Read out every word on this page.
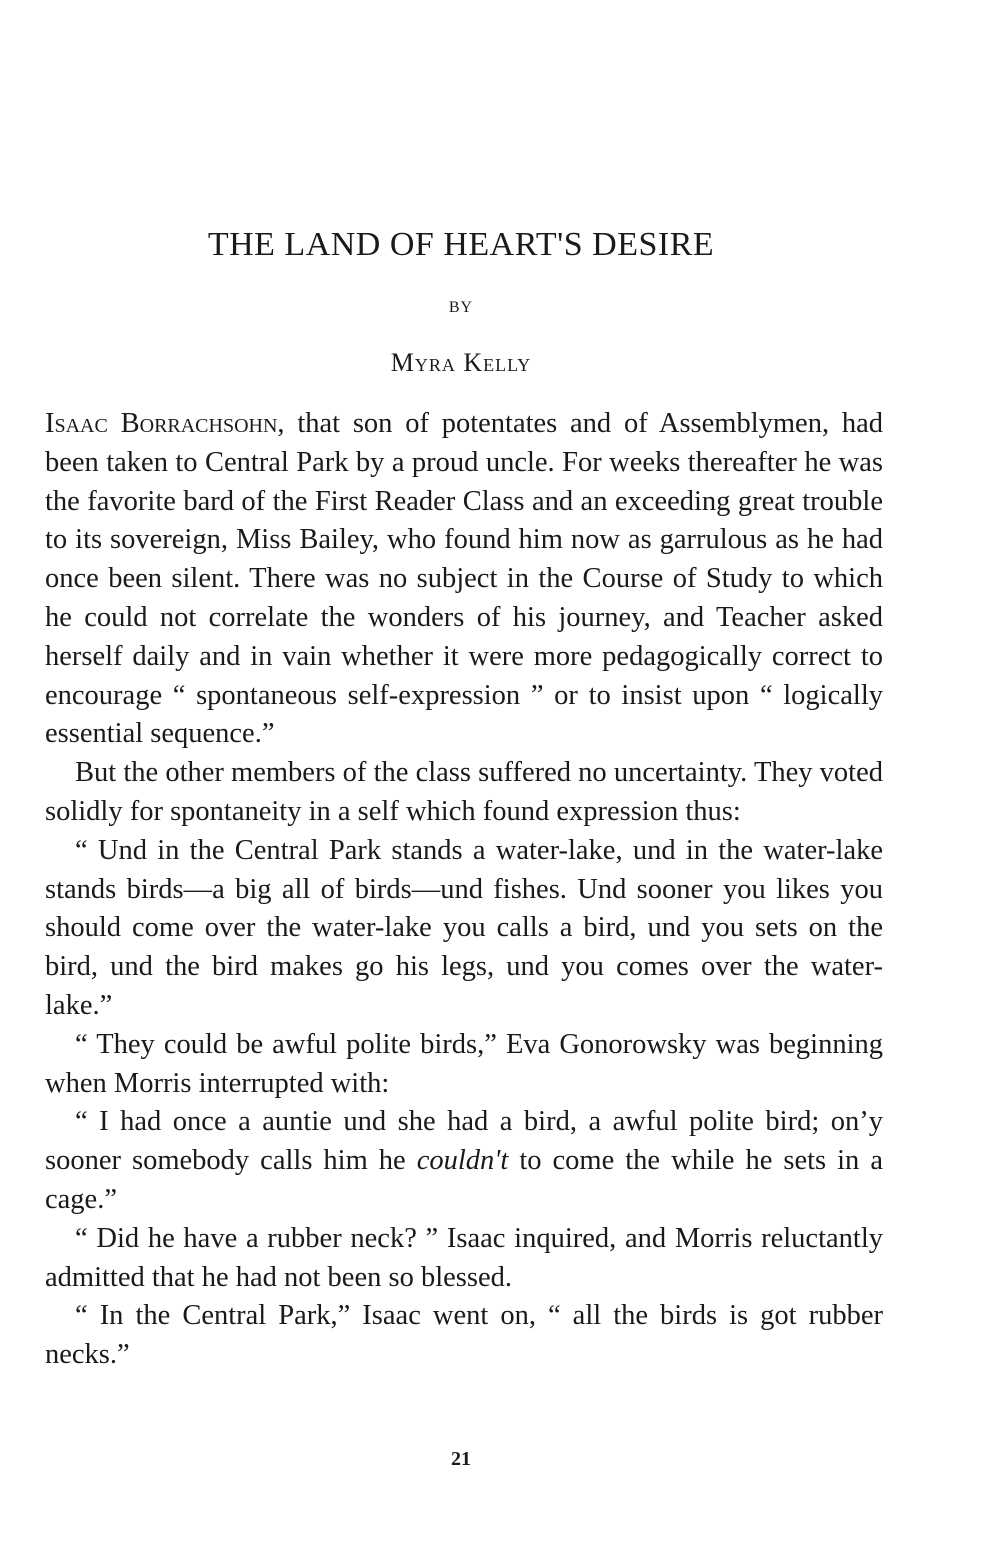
THE LAND OF HEART'S DESIRE
BY
Myra Kelly

Isaac Borrachsohn, that son of potentates and of Assemblymen, had been taken to Central Park by a proud uncle. For weeks thereafter he was the favorite bard of the First Reader Class and an exceeding great trouble to its sovereign, Miss Bailey, who found him now as garrulous as he had once been silent. There was no subject in the Course of Study to which he could not correlate the wonders of his journey, and Teacher asked herself daily and in vain whether it were more pedagogically correct to encourage “ spontaneous self-expression ” or to insist upon “ logically essential sequence.”

But the other members of the class suffered no uncertainty. They voted solidly for spontaneity in a self which found expression thus:

“ Und in the Central Park stands a water-lake, und in the water-lake stands birds—a big all of birds—und fishes. Und sooner you likes you should come over the water-lake you calls a bird, und you sets on the bird, und the bird makes go his legs, und you comes over the water-lake.”

“ They could be awful polite birds,” Eva Gonorowsky was beginning when Morris interrupted with:

“ I had once a auntie und she had a bird, a awful polite bird; on’y sooner somebody calls him he couldn't to come the while he sets in a cage.”

“ Did he have a rubber neck? ” Isaac inquired, and Morris reluctantly admitted that he had not been so blessed.

“ In the Central Park,” Isaac went on, “ all the birds is got rubber necks.”

21
